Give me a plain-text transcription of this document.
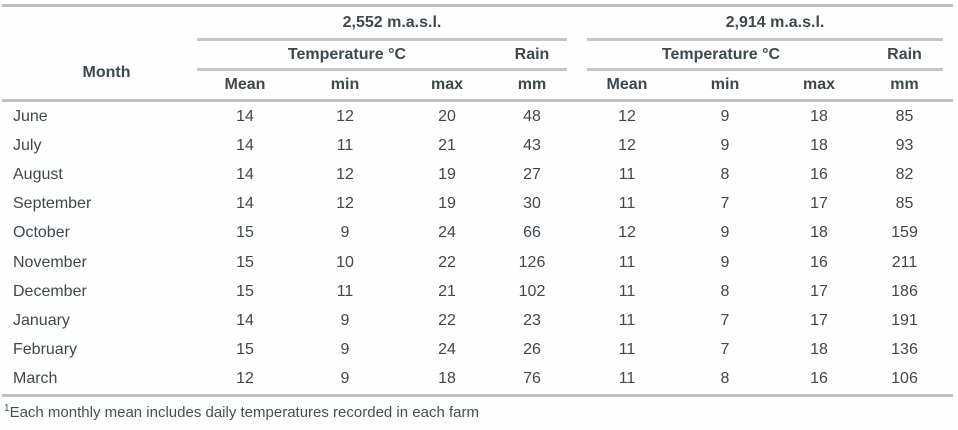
Month
2,552 m.a.s.l.	2,914 m.a.s.l.
Temperature °C	Rain	Temperature °C	Rain
Mean	min	max	mm	Mean	min	max	mm
June	14	12	20	48	12	9	18	85
July	14	11	21	43	12	9	18	93
August	14	12	19	27	11	8	16	82
September	14	12	19	30	11	7	17	85
October	15	9	24	66	12	9	18	159
November	15	10	22	126	11	9	16	211
December	15	11	21	102	11	8	17	186
January	14	9	22	23	11	7	17	191
February	15	9	24	26	11	7	18	136
March	12	9	18	76	11	8	16	106
$^1$Each monthly mean includes daily temperatures recorded in each farm
